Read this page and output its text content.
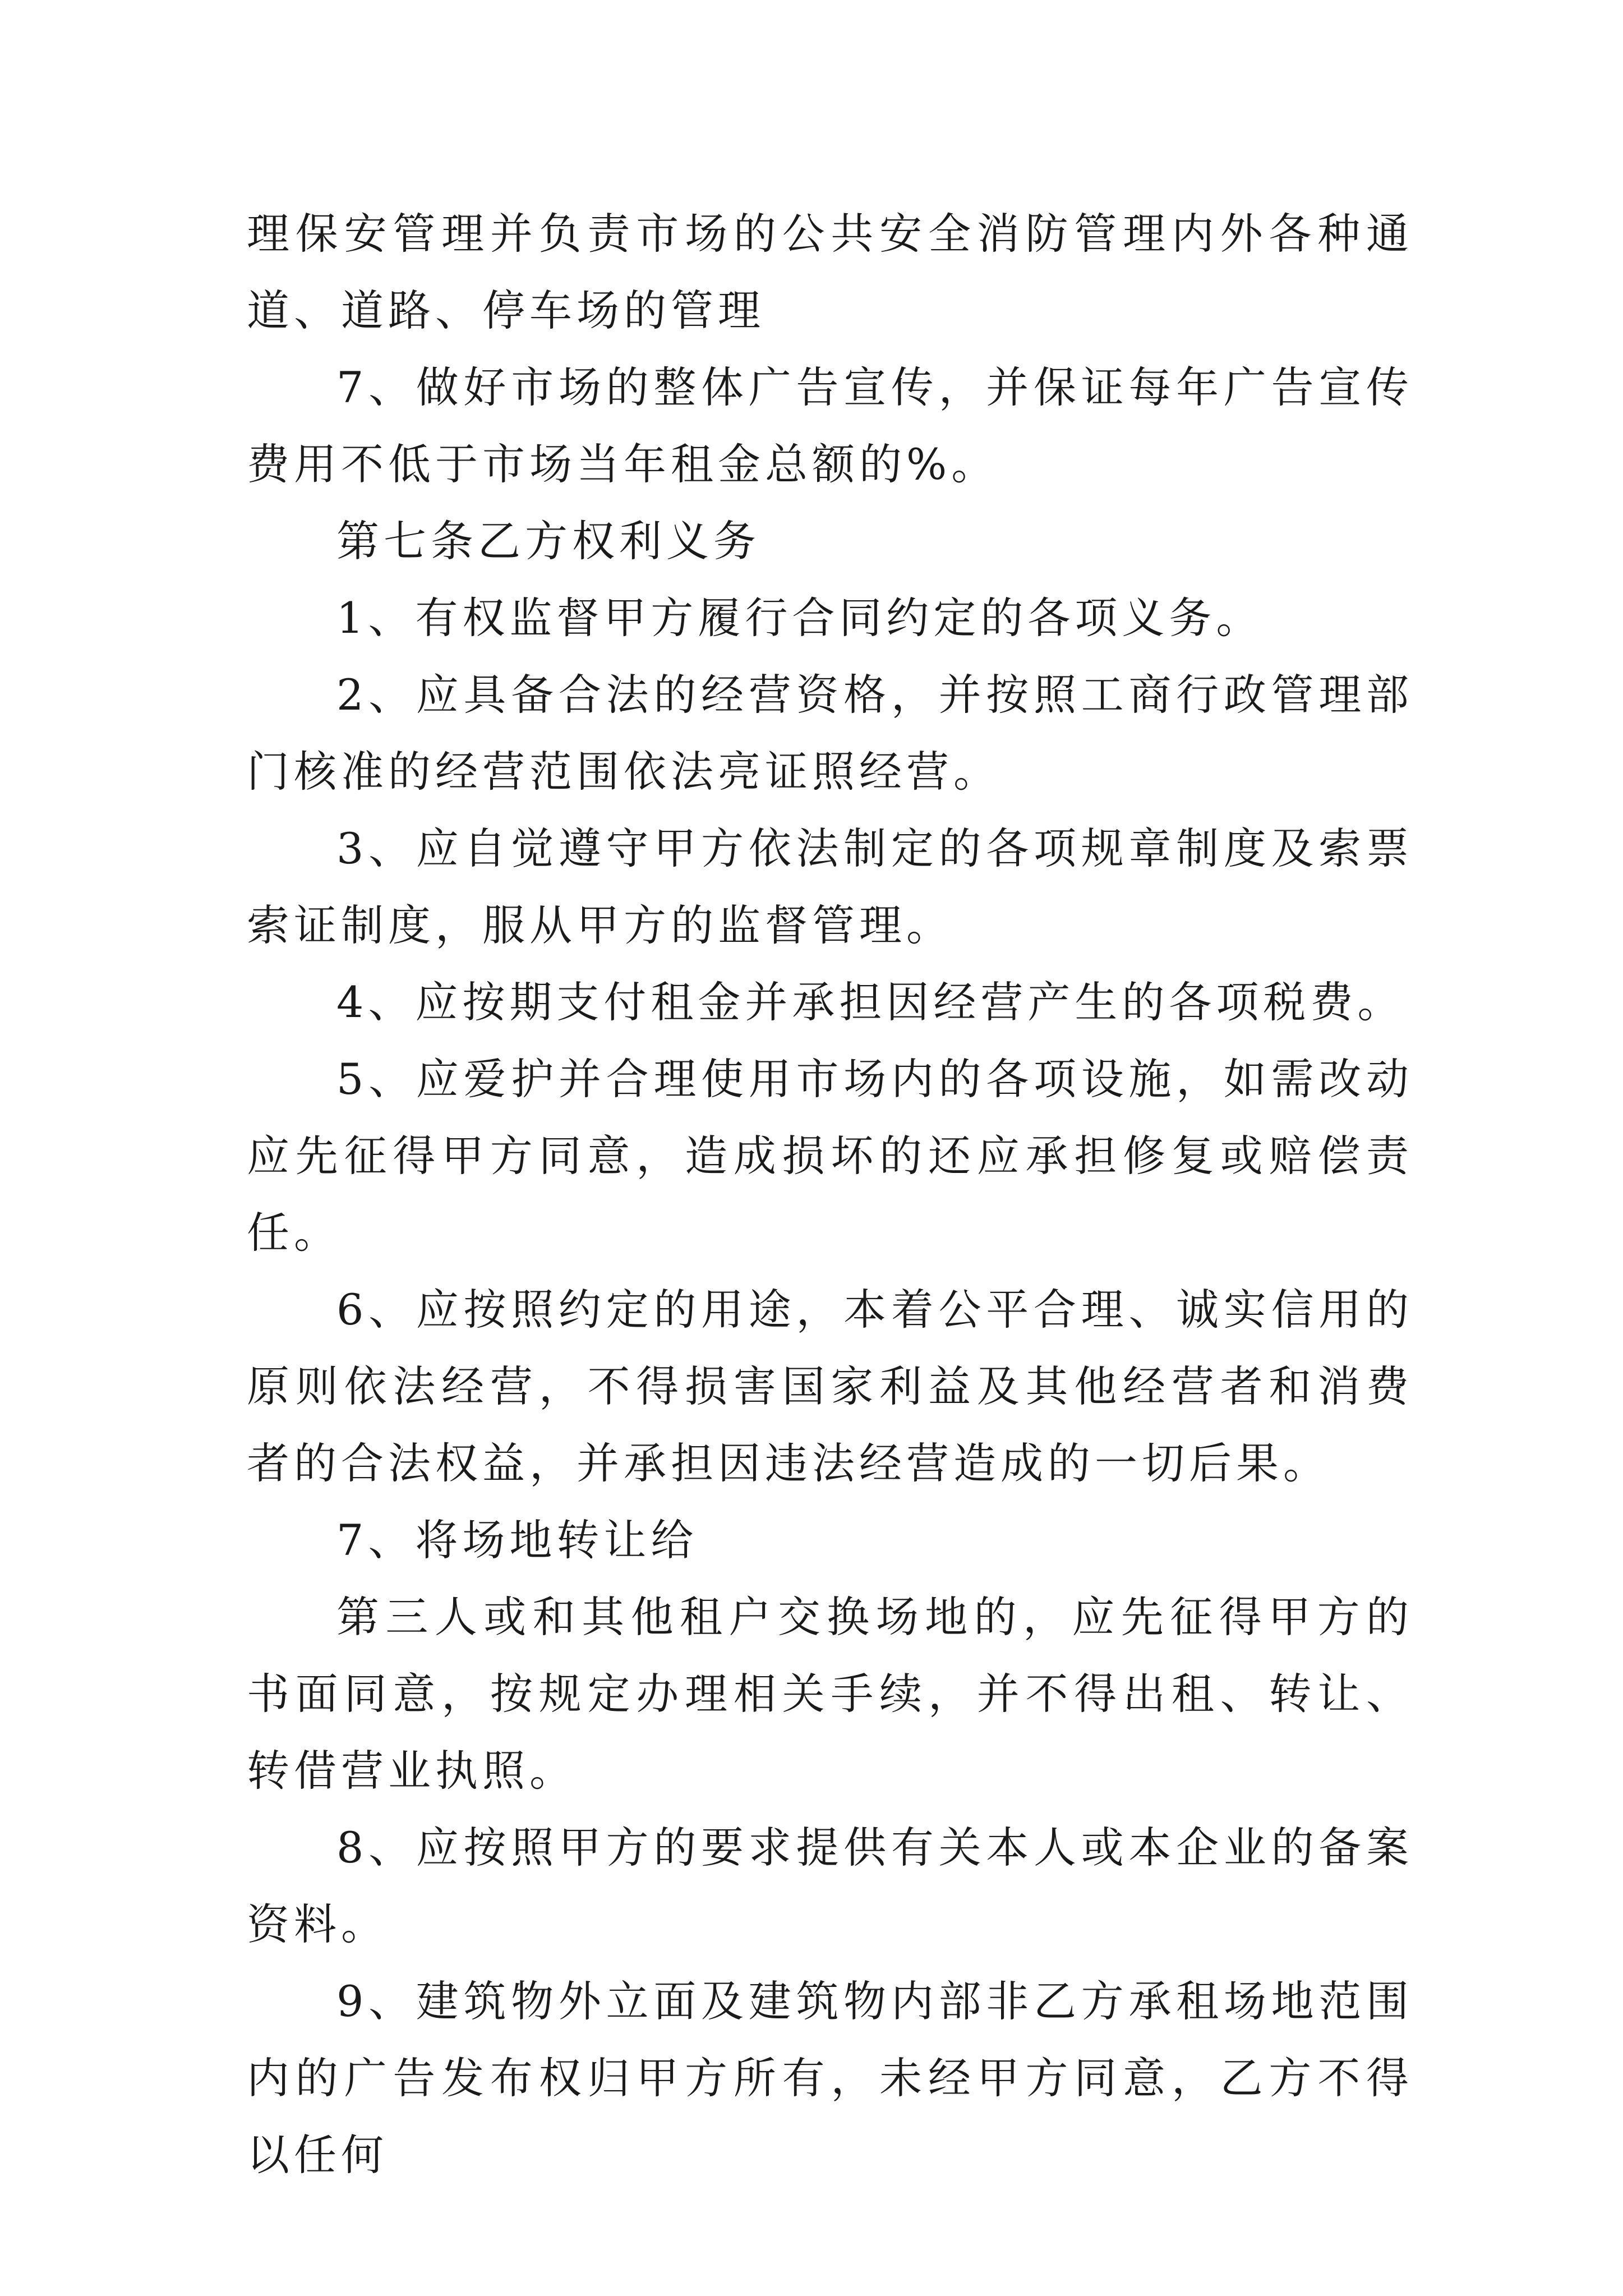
理保安管理并负责市场的公共安全消防管理内外各种通道、道路、停车场的管理

7、做好市场的整体广告宣传，并保证每年广告宣传费用不低于市场当年租金总额的%。

第七条乙方权利义务

1、有权监督甲方履行合同约定的各项义务。

2、应具备合法的经营资格，并按照工商行政管理部门核准的经营范围依法亮证照经营。

3、应自觉遵守甲方依法制定的各项规章制度及索票索证制度，服从甲方的监督管理。

4、应按期支付租金并承担因经营产生的各项税费。

5、应爱护并合理使用市场内的各项设施，如需改动应先征得甲方同意，造成损坏的还应承担修复或赔偿责任。

6、应按照约定的用途，本着公平合理、诚实信用的原则依法经营，不得损害国家利益及其他经营者和消费者的合法权益，并承担因违法经营造成的一切后果。

7、将场地转让给

第三人或和其他租户交换场地的，应先征得甲方的书面同意，按规定办理相关手续，并不得出租、转让、转借营业执照。

8、应按照甲方的要求提供有关本人或本企业的备案资料。

9、建筑物外立面及建筑物内部非乙方承租场地范围内的广告发布权归甲方所有，未经甲方同意，乙方不得以任何
